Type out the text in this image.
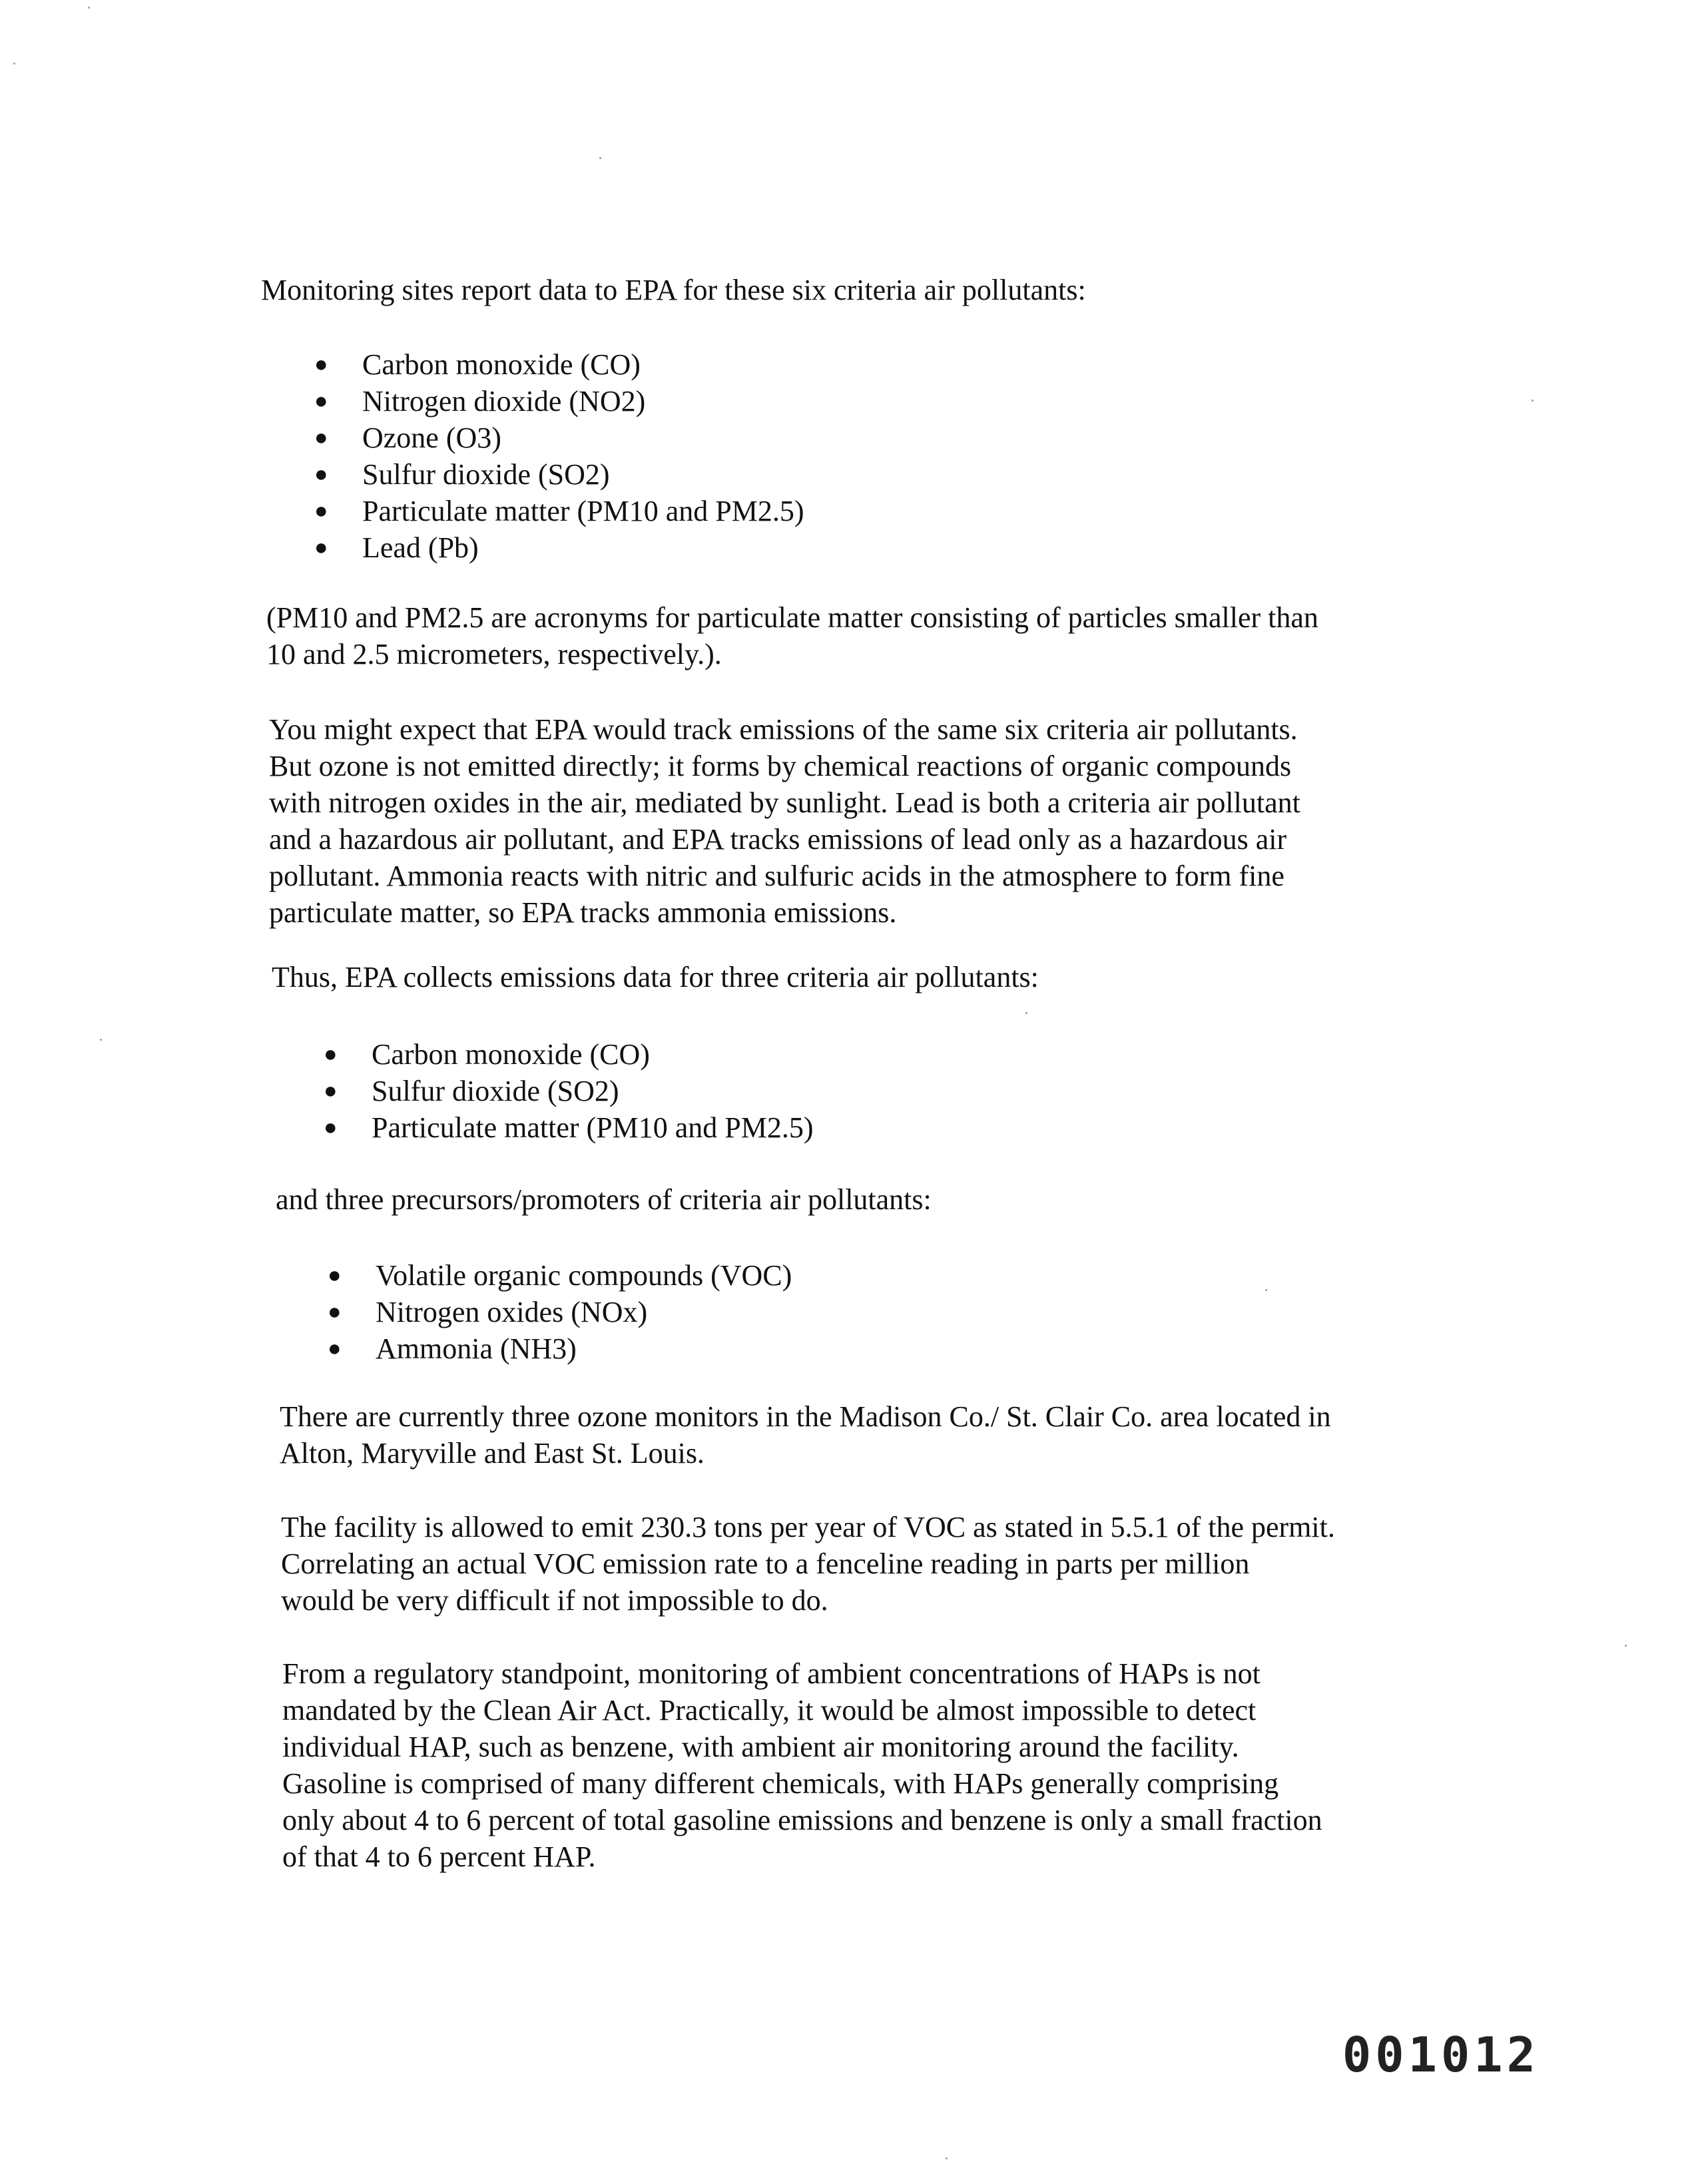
Monitoring sites report data to EPA for these six criteria air pollutants:

● Carbon monoxide (CO)
● Nitrogen dioxide (NO2)
● Ozone (O3)
● Sulfur dioxide (SO2)
● Particulate matter (PM10 and PM2.5)
● Lead (Pb)
(PM10 and PM2.5 are acronyms for particulate matter consisting of particles smaller than
10 and 2.5 micrometers, respectively.).
You might expect that EPA would track emissions of the same six criteria air pollutants.
But ozone is not emitted directly; it forms by chemical reactions of organic compounds
with nitrogen oxides in the air, mediated by sunlight. Lead is both a criteria air pollutant
and a hazardous air pollutant, and EPA tracks emissions of lead only as a hazardous air
pollutant. Ammonia reacts with nitric and sulfuric acids in the atmosphere to form fine
particulate matter, so EPA tracks ammonia emissions.

Thus, EPA collects emissions data for three criteria air pollutants:

● Carbon monoxide (CO)
● Sulfur dioxide (SO2)
● Particulate matter (PM10 and PM2.5)

and three precursors/promoters of criteria air pollutants:

● Volatile organic compounds (VOC)
● Nitrogen oxides (NOx)
● Ammonia (NH3)
There are currently three ozone monitors in the Madison Co./ St. Clair Co. area located in
Alton, Maryville and East St. Louis.
The facility is allowed to emit 230.3 tons per year of VOC as stated in 5.5.1 of the permit.
Correlating an actual VOC emission rate to a fenceline reading in parts per million
would be very difficult if not impossible to do.
From a regulatory standpoint, monitoring of ambient concentrations of HAPs is not
mandated by the Clean Air Act. Practically, it would be almost impossible to detect
individual HAP, such as benzene, with ambient air monitoring around the facility.
Gasoline is comprised of many different chemicals, with HAPs generally comprising
only about 4 to 6 percent of total gasoline emissions and benzene is only a small fraction
of that 4 to 6 percent HAP.
001012
